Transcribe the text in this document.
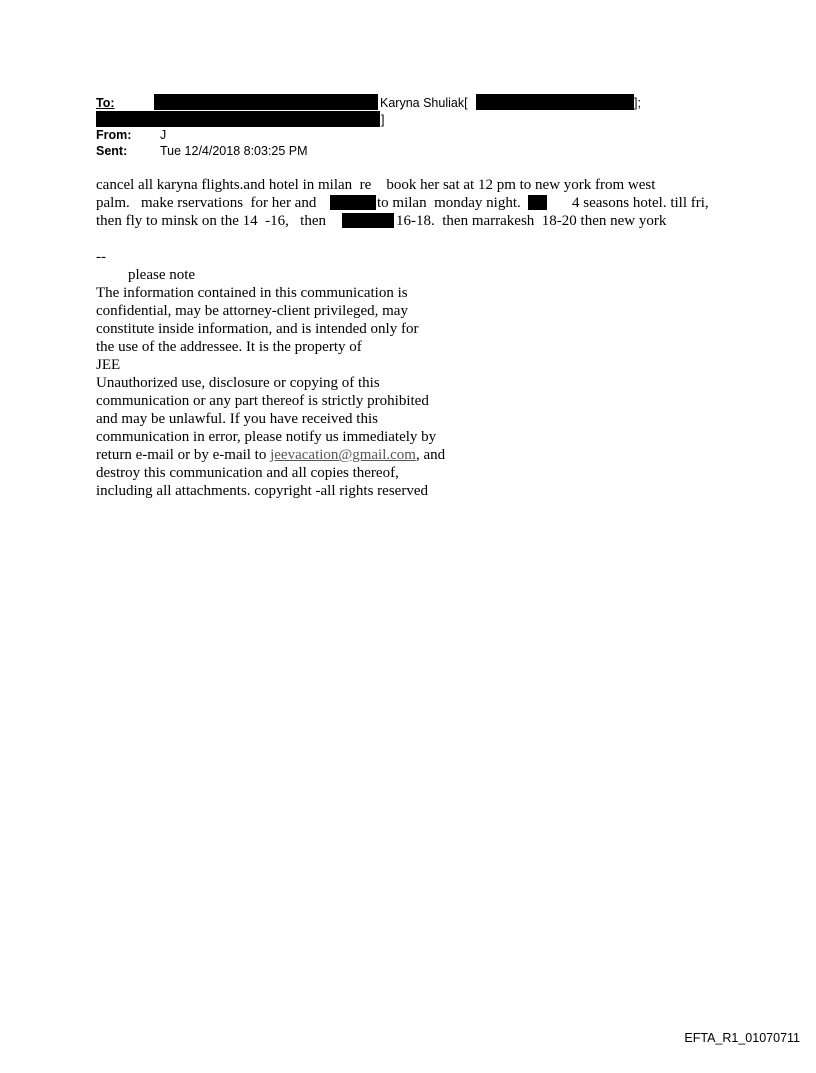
To:	Karyna Shuliak[	];
]
From: J
Sent:	Tue 12/4/2018 8:03:25 PM
cancel all karyna flights.and hotel in milan  re    book her sat at 12 pm to new york from west
palm.   make rservations  for her and	to milan  monday night.	4 seasons hotel. till fri,
then fly to minsk on the 14  -16,   then	16-18.  then marrakesh  18-20 then new york
--
please note
The information contained in this communication is
confidential, may be attorney-client privileged, may
constitute inside information, and is intended only for
the use of the addressee. It is the property of
JEE
Unauthorized use, disclosure or copying of this
communication or any part thereof is strictly prohibited
and may be unlawful. If you have received this
communication in error, please notify us immediately by
return e-mail or by e-mail to jeevacation@gmail.com, and
destroy this communication and all copies thereof,
including all attachments. copyright -all rights reserved
EFTA_R1_01070711
